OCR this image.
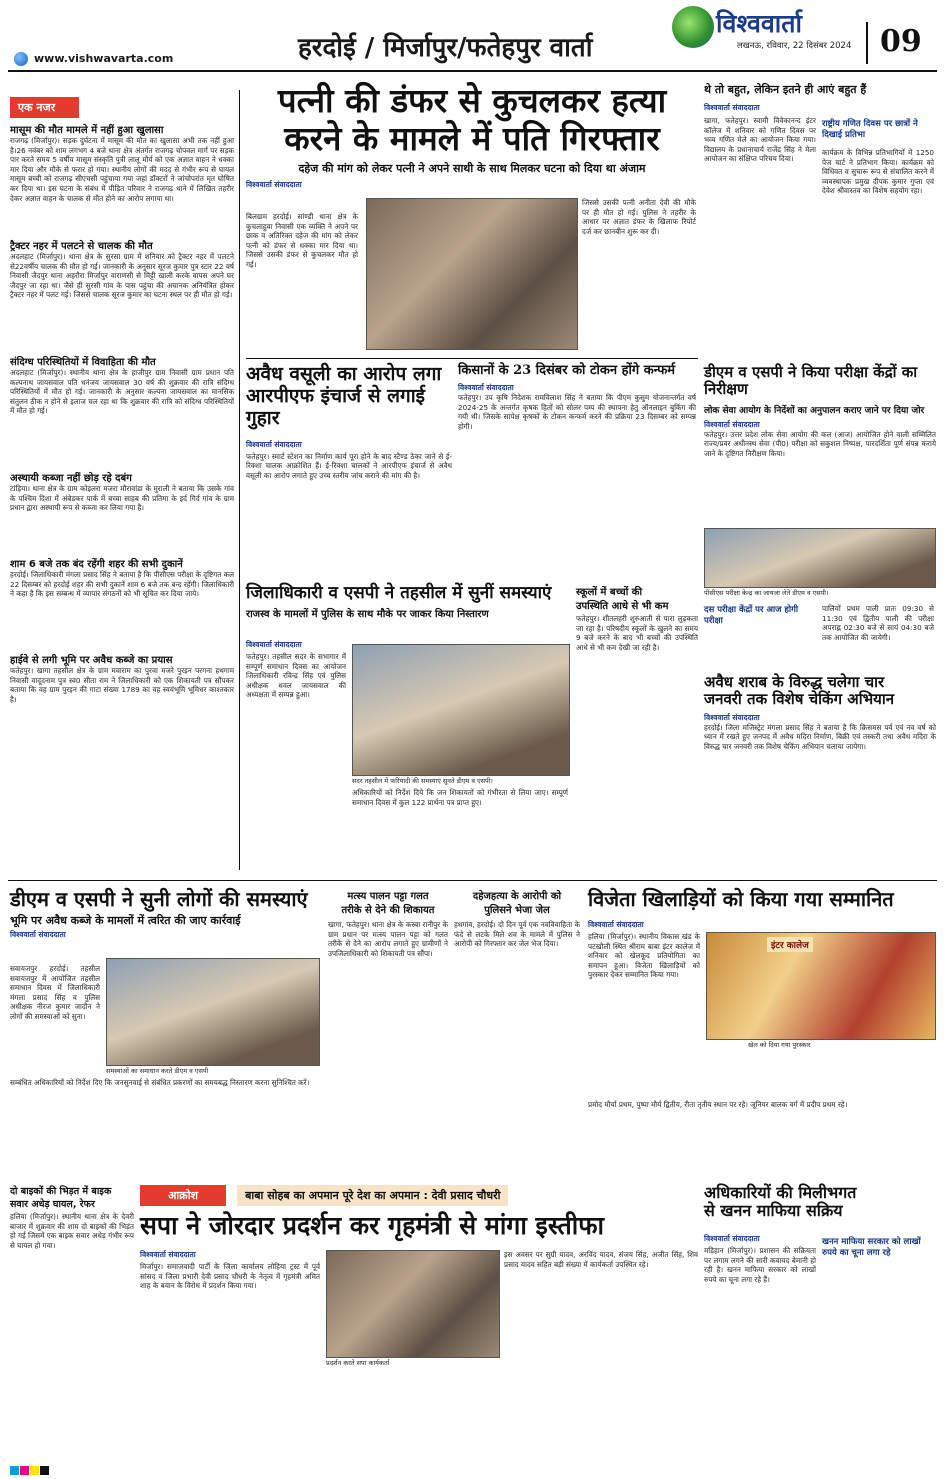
हरदोई / मिर्जापुर/फतेहपुर वार्ता
www.vishwavarta.com
विश्ववार्ता
लखनऊ, रविवार, 22 दिसंबर 2024 09
एक नजर
मासूम की मौत मामले में नहीं हुआ खुलासा
राजगढ़ (मिर्जापुर)। सड़क दुर्घटना में मासूम की मौत का खुलासा अभी तक नहीं हुआ है।26 नवंबर को शाम लगभग 4 बजे थाना क्षेत्र अंतर्गत राजगढ़ चोपवल मार्ग पर सड़क पार करते समय 5 वर्षीय मासूम संस्कृति पुत्री लालू मौर्य को एक अज्ञात वाहन ने धक्का मार दिया और मौके से फरार हो गया। स्थानीय लोगों की मदद से गंभीर रूप से घायल मासूम बच्ची को राजगढ़ सीएचसी पहुंचाया गया जहां डॉक्टरों ने जांचोपरांत मृत घोषित कर दिया था। इस घटना के संबंध में पीड़ित परिवार ने राजगढ़ थाने में लिखित तहरीर देकर अज्ञात वाहन के चालक से मौत होने का आरोप लगाया था।
ट्रैक्टर नहर में पलटने से चालक की मौत
अदलहाट (मिर्जापुर)। थाना क्षेत्र के सुरसा ग्राम में शनिवार को ट्रैक्टर नहर में पलटने से22वर्षीय चालक की मौत हो गई। जानकारी के अनुसार सूरज कुमार पुत्र स्टार 22 वर्ष निवासी जैदपुर थाना अहरौरा मिर्जापुर वाराणसी से मिट्टी खाली करके वापस अपने घर जैदपुर जा रहा था। जैसे ही सुरसी गांव के पास पहुंचा की अचानक अनियंत्रित होकर ट्रैक्टर नहर में पलट गई। जिससे चालक सूरज कुमार का घटना स्थल पर ही मौत हो गई।
संदिग्ध परिस्थितियों में विवाहिता की मौत
अदलहाट (मिर्जापुर)। स्थानीय थाना क्षेत्र के हाजीपुर ग्राम निवासी ग्राम प्रधान पति कल्पनाथ जायसवाल पति धनंजय जायसवाल 30 वर्ष की शुक्रवार की रात्रि संदिग्ध परिस्थितियों में मौत हो गई। जानकारी के अनुसार कल्पना जायसवाल का मानसिक संतुलन ठीक न होने से इलाज चल रहा था कि शुक्रवार की रात्रि को संदिग्ध परिस्थितियों में मौत हो गई।
अस्थायी कब्जा नहीं छोड़ रहे दबंग
टांड़िया। थाना क्षेत्र के ग्राम कोइलरा मजरा मौरावांडा के मुराली ने बताया कि उसके गांव के पश्चिम दिशा में अंबेडकर पार्क में बच्चा साहब की प्रतिमा के इर्द गिर्द गांव के ग्राम प्रधान द्वारा अस्थायी रूप से कब्जा कर लिया गया है।
शाम 6 बजे तक बंद रहेंगी शहर की सभी दुकानें
हरदोई। जिलाधिकारी मंगला प्रसाद सिंह ने बताया है कि पीसीएस परीक्षा के दृष्टिगत कल 22 दिसम्बर को हरदोई शहर की सभी दुकानें शाम 6 बजे तक बन्द रहेंगी। जिलाधिकारी ने कहा है कि इस सम्बन्ध में व्यापार संगठनों को भी सूचित कर दिया जाये।
हाईवे से लगी भूमि पर अवैध कब्जे का प्रयास
फतेहपुर। खागा तहसील क्षेत्र के ग्राम मवाराम का पुरवा मजरे पुरइन परगना हथगाम निवासी वादूदनाम पुत्र स्व0 सीता राम ने जिलाधिकारी को एक शिकायती पत्र सौंपकर बताया कि वह ग्राम पुरइन की गाटा संख्या 1789 का वह स्वयंभूमि भूमिधर काश्तकार है।
पत्नी की डंफर से कुचलकर हत्या
करने के मामले में पति गिरफ्तार
दहेज की मांग को लेकर पत्नी ने अपने साथी के साथ मिलकर घटना को दिया था अंजाम
विश्ववार्ता संवाददाता
बिलग्राम हरदोई। सांण्डी थाना क्षेत्र के कुचलाहुवा निवासी एक व्यक्ति ने अपने पर छाक व अतिरिक्त दहेज की मांग को लेकर पत्नी को डंफर से धक्का मार दिया था। जिससे उसकी डंफर से कुचलकर मौत हो गई।
जिससे उसकी पत्नी अनीता देवी की मौके पर ही मौत हो गई। पुलिस ने तहरीर के आधार पर अज्ञात डंफर के खिलाफ रिपोर्ट दर्ज कर छानबीन शुरू कर दी।
थे तो बहुत, लेकिन इतने ही आएं बहुत हैं
विश्ववार्ता संवाददाता
खागा, फतेहपुर। स्वामी विवेकानन्द इंटर कॉलेज में शनिवार को गणित दिवस पर भव्य गणित मेले का आयोजन किया गया। विद्यालय के प्रधानाचार्य राजेंद्र सिंह ने मेला आयोजन का संक्षिप्त परिचय दिया।
राष्ट्रीय गणित दिवस पर छात्रों ने दिखाई प्रतिभा
कार्यक्रम के विभिन्न प्रतिभागियों में 1250 पेज चार्ट ने प्रतिभाग किया। कार्यक्रम को विधिवत व सुचारू रूप से संचालित करने में व्यवस्थापक प्रमुख दीपक कुमार गुप्ता एवं देवेश श्रीवास्तव का विशेष सहयोग रहा।
अवैध वसूली का आरोप लगा
आरपीएफ इंचार्ज से लगाई गुहार
विश्ववार्ता संवाददाता
फतेहपुर। स्मार्ट स्टेशन का निर्माण कार्य पूरा होने के बाद स्टैण्ड ठेका जाने से ई-रिक्शा चालक आक्रोशित हैं। ई-रिक्शा चालकों ने आरपीएफ इंचार्ज से अवैध वसूली का आरोप लगाते हुए उच्च स्तरीय जांच कराने की मांग की है।
किसानों के 23 दिसंबर को टोकन होंगे कन्फर्म
विश्ववार्ता संवाददाता
फतेहपुर। उप कृषि निदेशक रामविलाश सिंह ने बताया कि पीएम कुसुम योजनान्तर्गत वर्ष 2024-25 के अन्तर्गत कृषक हितों को सोलर पम्प की स्थापना हेतु ऑनलाइन बुकिंग की गयी थी। जिसके सापेक्ष कृषकों के टोकन कन्फर्म करने की प्रक्रिया 23 दिसम्बर को सम्पन्न होगी।
डीएम व एसपी ने किया परीक्षा केंद्रों का निरीक्षण
लोक सेवा आयोग के निर्देशों का अनुपालन कराए जाने पर दिया जोर
विश्ववार्ता संवाददाता
फतेहपुर। उत्तर प्रदेश लोक सेवा आयोग की कल (आज) आयोजित होने वाली सम्मिलित राज्य/प्रवर अधीनस्थ सेवा (पी0) परीक्षा को सकुशल निष्पक्ष, पारदर्शिता पूर्ण संपन्न कराये जाने के दृष्टिगत निरीक्षण किया।
पीसीएस परीक्षा केन्द्र का जायजा लेते डीएम व एसपी।
दस परीक्षा केंद्रों पर आज होगी परीक्षा
पालियों प्रथम पाली प्रातः 09:30 से 11:30 एवं द्वितीय पाली की परीक्षा अपराह्न 02:30 बजे से सायं 04:30 बजे तक आयोजित की जायेगी।
जिलाधिकारी व एसपी ने तहसील में सुनीं समस्याएं
राजस्व के मामलों में पुलिस के साथ मौके पर जाकर किया निस्तारण
विश्ववार्ता संवाददाता
फतेहपुर। तहसील सदर के सभागार में सम्पूर्ण समाधान दिवस का आयोजन जिलाधिकारी रविन्द्र सिंह एवं पुलिस अधीक्षक धवल जायसवाल की अध्यक्षता में सम्पन्न हुआ।
सदर तहसील में फरियादी की समस्याएं सुनते डीएम व एसपी।
अधिकारियों को निर्देश दिये कि जन शिकायतों को गंभीरता से लिया जाए। सम्पूर्ण समाधान दिवस में कुल 122 प्रार्थना पत्र प्राप्त हुए।
स्कूलों में बच्चों की
उपस्थिति आधे से भी कम
फतेहपुर। शीतलहरी शुरुआती से पारा लुढ़कता जा रहा है। परिषदीय स्कूलों के खुलने का समय 9 बजे करने के बाद भी बच्चों की उपस्थिति आधे से भी कम देखी जा रही है।
अवैध शराब के विरुद्ध चलेगा चार
जनवरी तक विशेष चेकिंग अभियान
विश्ववार्ता संवाददाता
हरदोई। जिला मजिस्ट्रेट मंगला प्रसाद सिंह ने बताया है कि क्रिसमस पर्व एवं नव वर्ष को ध्यान में रखते हुए जनपद में अवैध मदिरा निर्माण, बिक्री एवं तस्करी तथा अवैध मदिरा के विरुद्ध चार जनवरी तक विशेष चेकिंग अभियान चलाया जायेगा।
डीएम व एसपी ने सुनी लोगों की समस्याएं
भूमि पर अवैध कब्जे के मामलों में त्वरित की जाए कार्रवाई
विश्ववार्ता संवाददाता
सवायजपुर हरदोई। तहसील सवायजपुर में आयोजित तहसील समाधान दिवस में जिलाधिकारी मंगला प्रसाद सिंह व पुलिस अधीक्षक नीरज कुमार जादौन ने लोगों की समस्याओं को सुना।
समस्याओं का समाधान करते डीएम व एसपी
सम्बंधित अधिकारियों को निर्देश दिए कि जनसुनवाई से संबंधित प्रकरणों का समयबद्ध निस्तारण करना सुनिश्चित करें।
मत्स्य पालन पट्टा गलत
तरीके से देने की शिकायत
खागा, फतेहपुर। थाना क्षेत्र के कस्बा रानीपुर के ग्राम प्रधान पर मत्स्य पालन पट्टा को गलत तरीके से देने का आरोप लगाते हुए ग्रामीणों ने उपजिलाधिकारी को शिकायती पत्र सौंपा।
दहेजहत्या के आरोपी को
पुलिसने भेजा जेल
हथगांव, हरदोई। दो दिन पूर्व एक नवविवाहिता के फंदे से लटके मिले शव के मामले में पुलिस ने आरोपी को गिरफ्तार कर जेल भेज दिया।
विजेता खिलाड़ियों को किया गया सम्मानित
विश्ववार्ता संवाददाता
हलिया (मिर्जापुर)। स्थानीय विकास खंड के पटखौली स्थित श्रीराम बाबा इंटर कालेज में शनिवार को खेलकूद प्रतियोगिता का समापन हुआ। विजेता खिलाड़ियों को पुरस्कार देकर सम्मानित किया गया।
इंटर कालेज
खेल को दिया गया पुरस्कार
प्रमोद मौर्या प्रथम, पुष्पा मौर्य द्वितीय, रीता तृतीय स्थान पर रहे। जूनियर बालक वर्ग में प्रदीप प्रथम रहे।
दो बाइकों की भिड़त में बाइक
सवार अधेड़ घायल, रेफर
हलिया (मिर्जापुर)। स्थानीय थाना क्षेत्र के देवरी बाजार में शुक्रवार की शाम दो बाइकों की भिड़ंत हो गई जिसमें एक बाइक सवार अधेड़ गंभीर रूप से घायल हो गया।
आक्रोश	बाबा सोहब का अपमान पूरे देश का अपमान : देवी प्रसाद चौधरी
सपा ने जोरदार प्रदर्शन कर गृहमंत्री से मांगा इस्तीफा
विश्ववार्ता संवाददाता
मिर्जापुर। समाजवादी पार्टी के जिला कार्यालय लोहिया ट्रस्ट में पूर्व सांसद व जिला प्रभारी देवी प्रसाद चौधरी के नेतृत्व में गृहमंत्री अमित शाह के बयान के विरोध में प्रदर्शन किया गया।
प्रदर्शन करते सपा कार्यकर्ता
इस अवसर पर सुग्री यादव, अरविंद यादव, संजय सिंह, अजीत सिंह, शिव प्रसाद यादव सहित बड़ी संख्या में कार्यकर्ता उपस्थित रहे।
अधिकारियों की मिलीभगत
से खनन माफिया सक्रिय
विश्ववार्ता संवाददाता
मड़िहान (मिर्जापुर)। प्रशासन की सक्रियता पर लगाम लगने की सारी कवायद बेमानी हो रही है। खनन माफिया सरकार को लाखों रुपये का चूना लगा रहे हैं।
खनन माफिया सरकार को लाखों रुपये का चूना लगा रहे
